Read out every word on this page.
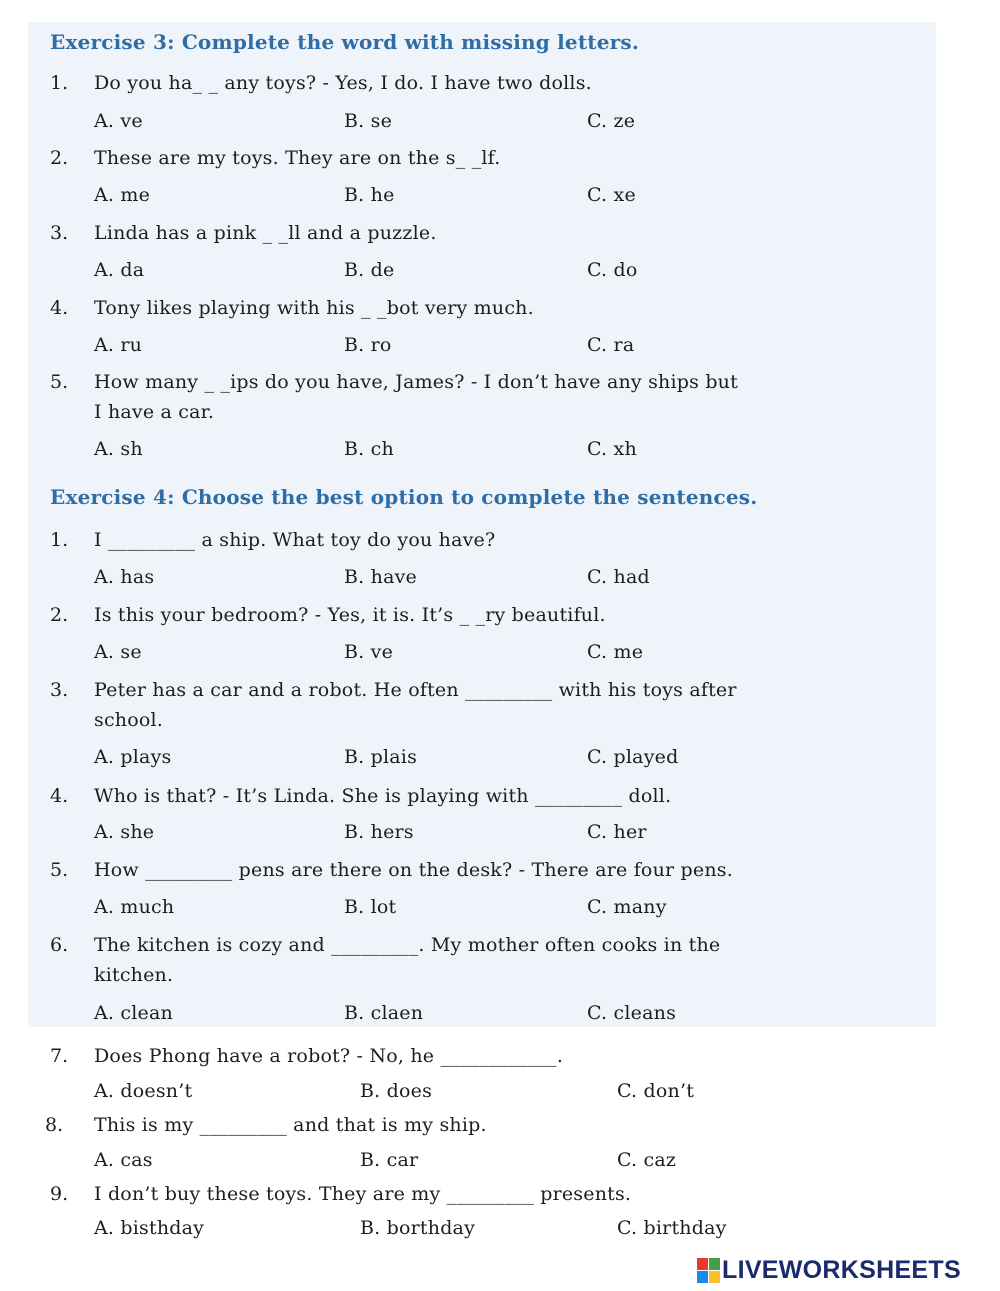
Exercise 3: Complete the word with missing letters.
1. Do you ha_ _ any toys? - Yes, I do. I have two dolls.
A. ve	B. se	C. ze
2. These are my toys. They are on the s_ _lf.
A. me	B. he	C. xe
3. Linda has a pink _ _ll and a puzzle.
A. da	B. de	C. do
4. Tony likes playing with his _ _bot very much.
A. ru	B. ro	C. ra
5. How many _ _ips do you have, James? - I don’t have any ships but
I have a car.
A. sh	B. ch	C. xh
Exercise 4: Choose the best option to complete the sentences.
1. I _________ a ship. What toy do you have?
A. has	B. have	C. had
2. Is this your bedroom? - Yes, it is. It’s _ _ry beautiful.
A. se	B. ve	C. me
3. Peter has a car and a robot. He often _________ with his toys after
school.
A. plays	B. plais	C. played
4. Who is that? - It’s Linda. She is playing with _________ doll.
A. she	B. hers	C. her
5. How _________ pens are there on the desk? - There are four pens.
A. much	B. lot	C. many
6. The kitchen is cozy and _________. My mother often cooks in the
kitchen.
A. clean	B. claen	C. cleans
7. Does Phong have a robot? - No, he ____________.
A. doesn’t	B. does	C. don’t
8. This is my _________ and that is my ship.
A. cas	B. car	C. caz
9. I don’t buy these toys. They are my _________ presents.
A. bisthday	B. borthday	C. birthday
LIVEWORKSHEETS
